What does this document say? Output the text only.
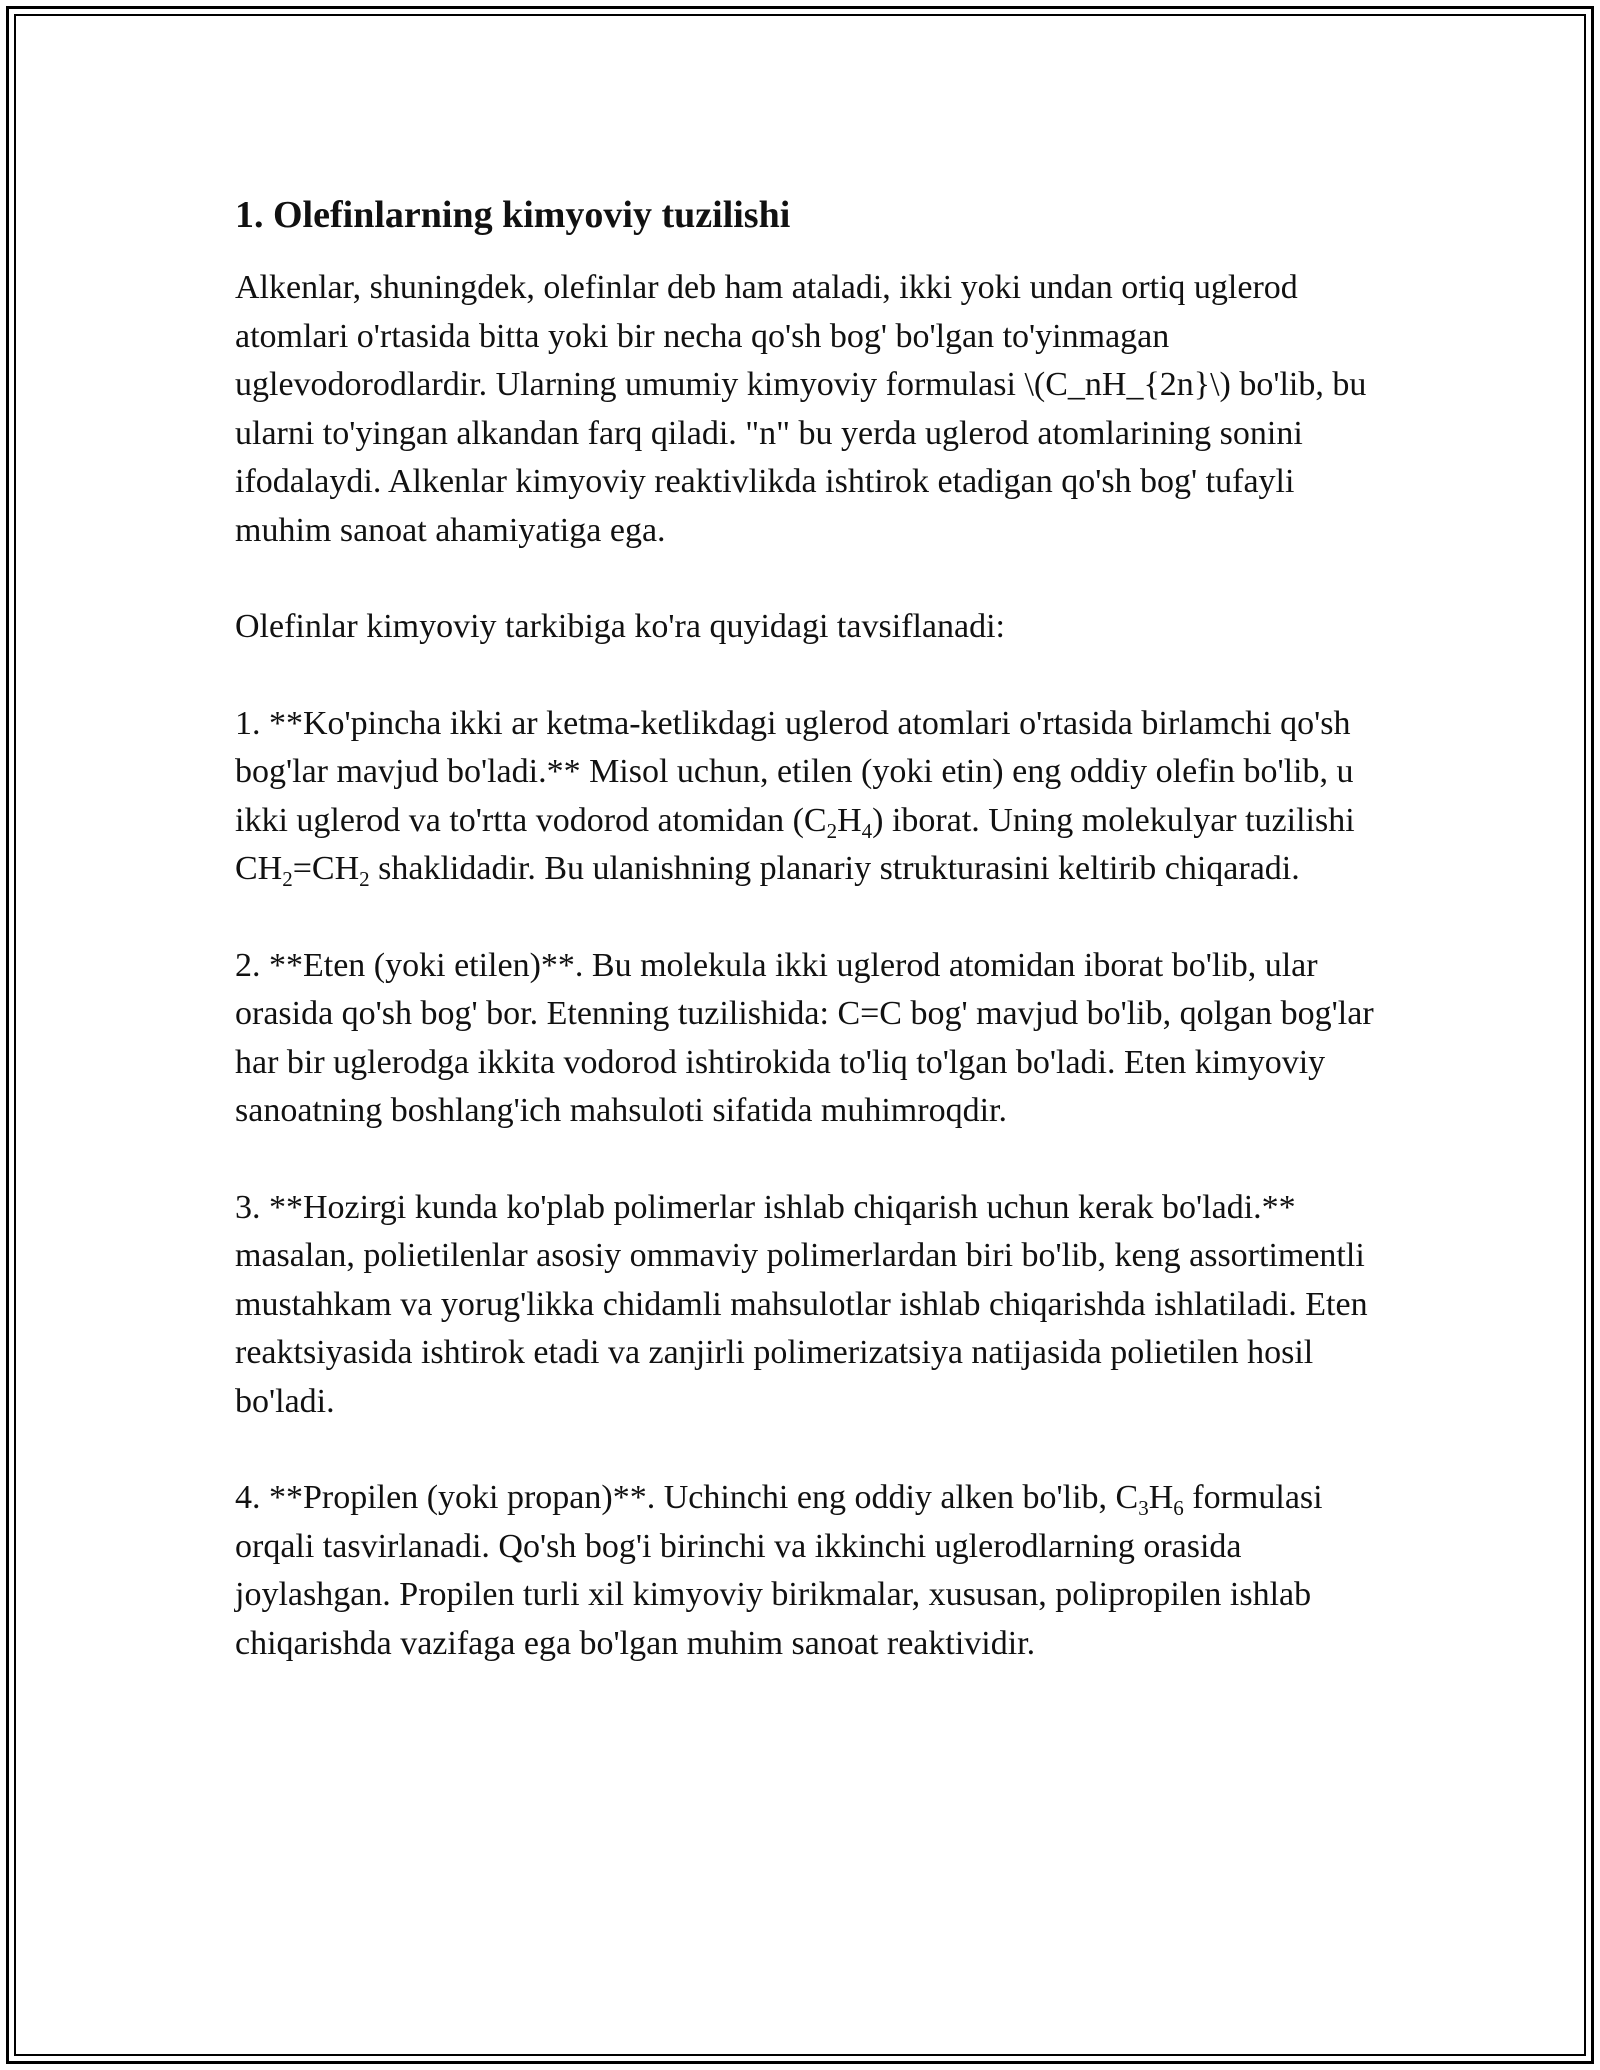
1. Olefinlarning kimyoviy tuzilishi

Alkenlar, shuningdek, olefinlar deb ham ataladi, ikki yoki undan ortiq uglerod atomlari o'rtasida bitta yoki bir necha qo'sh bog' bo'lgan to'yinmagan uglevodorodlardir. Ularning umumiy kimyoviy formulasi \(C_nH_{2n}\) bo'lib, bu ularni to'yingan alkandan farq qiladi. "n" bu yerda uglerod atomlarining sonini ifodalaydi. Alkenlar kimyoviy reaktivlikda ishtirok etadigan qo'sh bog' tufayli muhim sanoat ahamiyatiga ega.

Olefinlar kimyoviy tarkibiga ko'ra quyidagi tavsiflanadi:

1. **Ko'pincha ikki ar ketma-ketlikdagi uglerod atomlari o'rtasida birlamchi qo'sh bog'lar mavjud bo'ladi.** Misol uchun, etilen (yoki etin) eng oddiy olefin bo'lib, u ikki uglerod va to'rtta vodorod atomidan $(C_2H_4)$ iborat. Uning molekulyar tuzilishi $CH_2=CH_2$ shaklidadir. Bu ulanishning planariy strukturasini keltirib chiqaradi.

2. **Eten (yoki etilen)**. Bu molekula ikki uglerod atomidan iborat bo'lib, ular orasida qo'sh bog' bor. Etenning tuzilishida: C=C bog' mavjud bo'lib, qolgan bog'lar har bir uglerodga ikkita vodorod ishtirokida to'liq to'lgan bo'ladi. Eten kimyoviy sanoatning boshlang'ich mahsuloti sifatida muhimroqdir.

3. **Hozirgi kunda ko'plab polimerlar ishlab chiqarish uchun kerak bo'ladi.** masalan, polietilenlar asosiy ommaviy polimerlardan biri bo'lib, keng assortimentli mustahkam va yorug'likka chidamli mahsulotlar ishlab chiqarishda ishlatiladi. Eten reaktsiyasida ishtirok etadi va zanjirli polimerizatsiya natijasida polietilen hosil bo'ladi.

4. **Propilen (yoki propan)**. Uchinchi eng oddiy alken bo'lib, $C_3H_6$ formulasi orqali tasvirlanadi. Qo'sh bog'i birinchi va ikkinchi uglerodlarning orasida joylashgan. Propilen turli xil kimyoviy birikmalar, xususan, polipropilen ishlab chiqarishda vazifaga ega bo'lgan muhim sanoat reaktividir.
